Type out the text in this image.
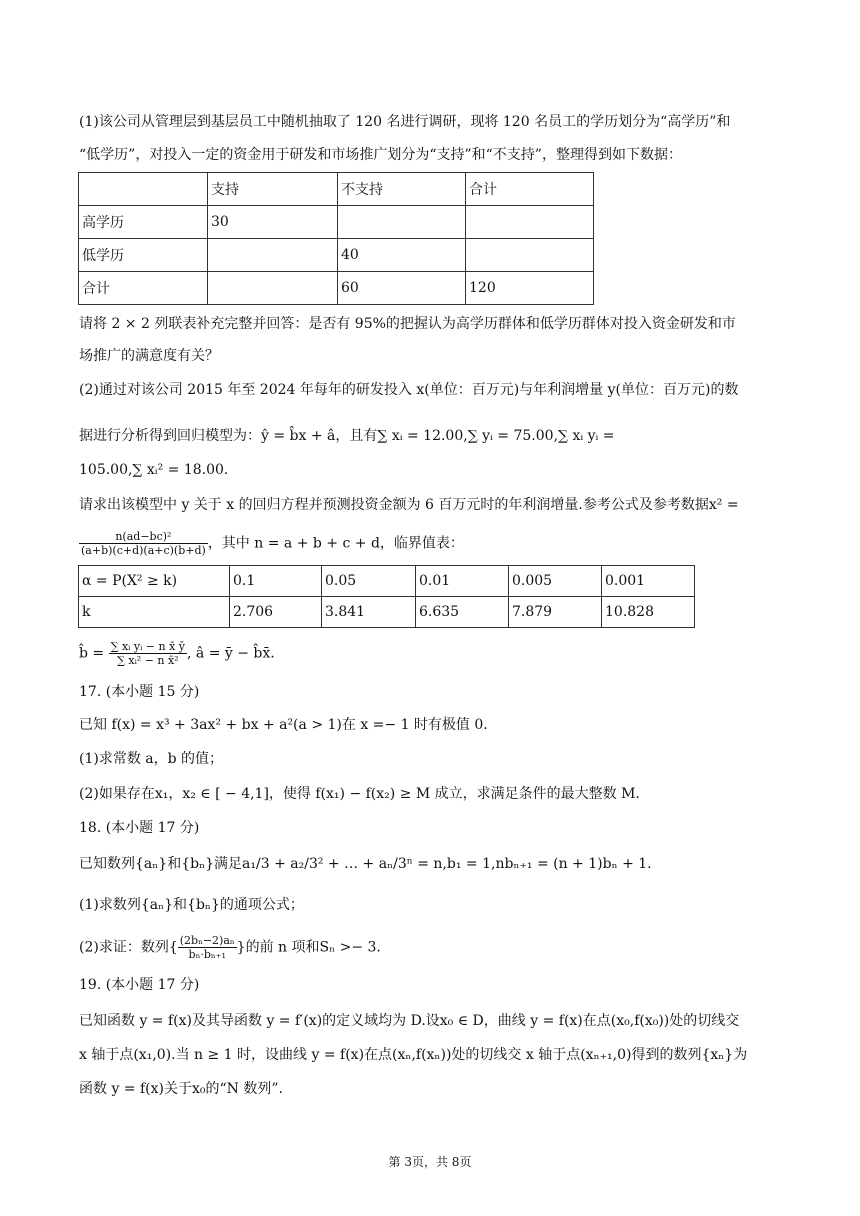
(1)该公司从管理层到基层员工中随机抽取了 120 名进行调研，现将 120 名员工的学历划分为“高学历”和
“低学历”，对投入一定的资金用于研发和市场推广划分为“支持”和“不支持”，整理得到如下数据：
	支持	不支持	合计
高学历	30		
低学历		40	
合计		60	120
请将 2 × 2 列联表补充完整并回答：是否有 95%的把握认为高学历群体和低学历群体对投入资金研发和市
场推广的满意度有关？
(2)通过对该公司 2015 年至 2024 年每年的研发投入 x(单位：百万元)与年利润增量 y(单位：百万元)的数
据进行分析得到回归模型为：ŷ = b̂x + â，且有∑ xᵢ = 12.00,∑ yᵢ = 75.00,∑ xᵢ yᵢ =
105.00,∑ xᵢ² = 18.00.
请求出该模型中 y 关于 x 的回归方程并预测投资金额为 6 百万元时的年利润增量.参考公式及参考数据x² =
$\frac{\text{n(ad−bc)²}}{(a+b)(c+d)(a+c)(b+d)}$ ，其中 n = a + b + c + d，临界值表：
α = P(X² ≥ k)	0.1	0.05	0.01	0.005	0.001
k	2.706	3.841	6.635	7.879	10.828
b̂ = $\frac{\text{∑ xᵢ yᵢ − n x̄ ȳ}}{\text{∑ xᵢ² − n x̄²}}$ , â = ȳ − b̂x̄.
17. (本小题 15 分)
已知 f(x) = x³ + 3ax² + bx + a²(a > 1)在 x =− 1 时有极值 0.
(1)求常数 a，b 的值；
(2)如果存在x₁，x₂ ∈ [ − 4,1]，使得 f(x₁) − f(x₂) ≥ M 成立，求满足条件的最大整数 M.
18. (本小题 17 分)
已知数列{aₙ}和{bₙ}满足a₁/3 + a₂/3² + … + aₙ/3ⁿ = n,b₁ = 1,nbₙ₊₁ = (n + 1)bₙ + 1.
(1)求数列{aₙ}和{bₙ}的通项公式；
(2)求证：数列{ $\frac{\text{(2bₙ−2)aₙ}}{\text{bₙ·bₙ₊₁}}$ }的前 n 项和Sₙ >− 3.
19. (本小题 17 分)
已知函数 y = f(x)及其导函数 y = f′(x)的定义域均为 D.设x₀ ∈ D，曲线 y = f(x)在点(x₀,f(x₀))处的切线交
x 轴于点(x₁,0).当 n ≥ 1 时，设曲线 y = f(x)在点(xₙ,f(xₙ))处的切线交 x 轴于点(xₙ₊₁,0)得到的数列{xₙ}为
函数 y = f(x)关于x₀的“N 数列”.
第 3页，共 8页
